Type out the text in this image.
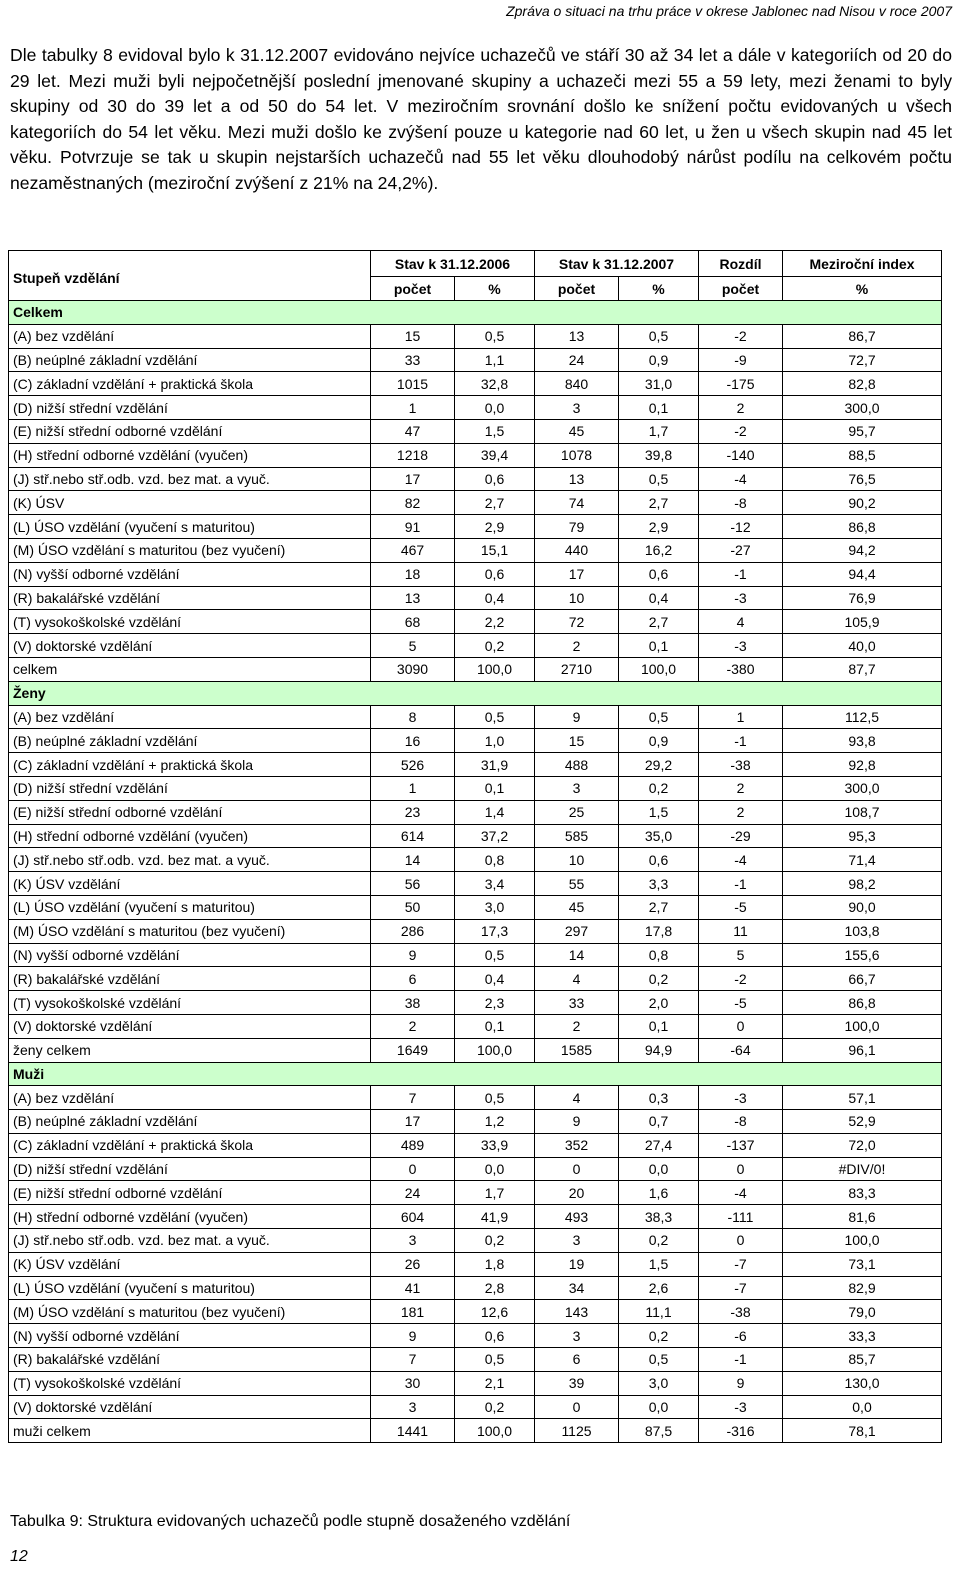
Zpráva o situaci na trhu práce v okrese Jablonec nad Nisou v roce 2007

Dle tabulky 8 evidoval bylo k 31.12.2007 evidováno nejvíce uchazečů ve stáří 30 až 34 let a dále v kategoriích od 20 do 29 let. Mezi muži byli nejpočetnější poslední jmenované skupiny a uchazeči mezi 55 a 59 lety, mezi ženami to byly skupiny od 30 do 39 let a od 50 do 54 let. V meziročním srovnání došlo ke snížení počtu evidovaných u všech kategoriích do 54 let věku. Mezi muži došlo ke zvýšení pouze u kategorie nad 60 let, u žen u všech skupin nad 45 let věku. Potvrzuje se tak u skupin nejstarších uchazečů nad 55 let věku dlouhodobý nárůst podílu na celkovém počtu nezaměstnaných (meziroční zvýšení z 21% na 24,2%).

Stupeň vzdělání	Stav k 31.12.2006		Stav k 31.12.2007		Rozdíl	Meziroční index
	počet	%	počet	%	počet	%
Celkem						
(A) bez vzdělání	15	0,5	13	0,5	-2	86,7
(B) neúplné základní vzdělání	33	1,1	24	0,9	-9	72,7
(C) základní vzdělání + praktická škola	1015	32,8	840	31,0	-175	82,8
(D) nižší střední vzdělání	1	0,0	3	0,1	2	300,0
(E) nižší střední odborné vzdělání	47	1,5	45	1,7	-2	95,7
(H) střední odborné vzdělání (vyučen)	1218	39,4	1078	39,8	-140	88,5
(J) stř.nebo stř.odb. vzd. bez mat. a vyuč.	17	0,6	13	0,5	-4	76,5
(K) ÚSV	82	2,7	74	2,7	-8	90,2
(L) ÚSO vzdělání (vyučení s maturitou)	91	2,9	79	2,9	-12	86,8
(M) ÚSO vzdělání s maturitou (bez vyučení)	467	15,1	440	16,2	-27	94,2
(N) vyšší odborné vzdělání	18	0,6	17	0,6	-1	94,4
(R) bakalářské vzdělání	13	0,4	10	0,4	-3	76,9
(T) vysokoškolské vzdělání	68	2,2	72	2,7	4	105,9
(V) doktorské vzdělání	5	0,2	2	0,1	-3	40,0
celkem	3090	100,0	2710	100,0	-380	87,7
Ženy						
(A) bez vzdělání	8	0,5	9	0,5	1	112,5
(B) neúplné základní vzdělání	16	1,0	15	0,9	-1	93,8
(C) základní vzdělání + praktická škola	526	31,9	488	29,2	-38	92,8
(D) nižší střední vzdělání	1	0,1	3	0,2	2	300,0
(E) nižší střední odborné vzdělání	23	1,4	25	1,5	2	108,7
(H) střední odborné vzdělání (vyučen)	614	37,2	585	35,0	-29	95,3
(J) stř.nebo stř.odb. vzd. bez mat. a vyuč.	14	0,8	10	0,6	-4	71,4
(K) ÚSV vzdělání	56	3,4	55	3,3	-1	98,2
(L) ÚSO vzdělání (vyučení s maturitou)	50	3,0	45	2,7	-5	90,0
(M) ÚSO vzdělání s maturitou (bez vyučení)	286	17,3	297	17,8	11	103,8
(N) vyšší odborné vzdělání	9	0,5	14	0,8	5	155,6
(R) bakalářské vzdělání	6	0,4	4	0,2	-2	66,7
(T) vysokoškolské vzdělání	38	2,3	33	2,0	-5	86,8
(V) doktorské vzdělání	2	0,1	2	0,1	0	100,0
ženy celkem	1649	100,0	1585	94,9	-64	96,1
Muži						
(A) bez vzdělání	7	0,5	4	0,3	-3	57,1
(B) neúplné základní vzdělání	17	1,2	9	0,7	-8	52,9
(C) základní vzdělání + praktická škola	489	33,9	352	27,4	-137	72,0
(D) nižší střední vzdělání	0	0,0	0	0,0	0	#DIV/0!
(E) nižší střední odborné vzdělání	24	1,7	20	1,6	-4	83,3
(H) střední odborné vzdělání (vyučen)	604	41,9	493	38,3	-111	81,6
(J) stř.nebo stř.odb. vzd. bez mat. a vyuč.	3	0,2	3	0,2	0	100,0
(K) ÚSV vzdělání	26	1,8	19	1,5	-7	73,1
(L) ÚSO vzdělání (vyučení s maturitou)	41	2,8	34	2,6	-7	82,9
(M) ÚSO vzdělání s maturitou (bez vyučení)	181	12,6	143	11,1	-38	79,0
(N) vyšší odborné vzdělání	9	0,6	3	0,2	-6	33,3
(R) bakalářské vzdělání	7	0,5	6	0,5	-1	85,7
(T) vysokoškolské vzdělání	30	2,1	39	3,0	9	130,0
(V) doktorské vzdělání	3	0,2	0	0,0	-3	0,0
muži celkem	1441	100,0	1125	87,5	-316	78,1
Tabulka 9: Struktura evidovaných uchazečů podle stupně dosaženého vzdělání
12
